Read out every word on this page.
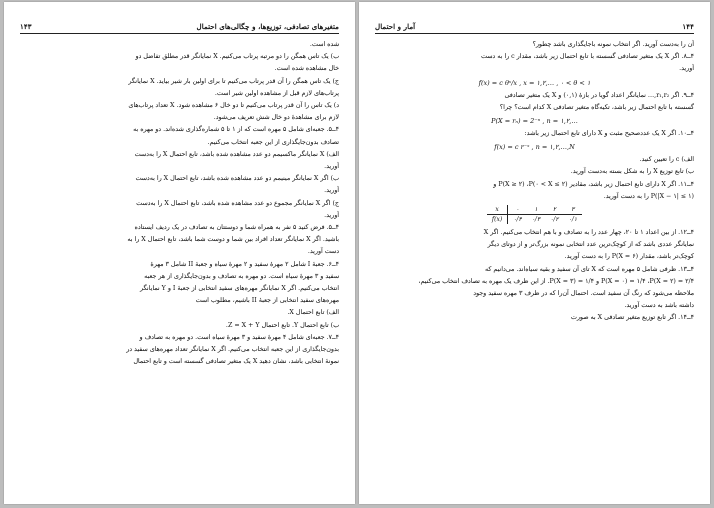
متغیرهای تصادفی، توزیع‌ها، و چگالی‌های احتمال
۱۴۳
شده است.
ب) یک تاس همگن را دو مرتبه پرتاب می‌کنیم. X نمایانگر قدر مطلق تفاضل دو
خال مشاهده شده است.
ج) یک تاس همگن را آن قدر پرتاب می‌کنیم تا برای اولین بار شیر بیاید. X نمایانگر
پرتاب‌های لازم قبل از مشاهده اولین شیر است.
د) یک تاس را آن قدر پرتاب می‌کنیم تا دو خال ۶ مشاهده شود. X تعداد پرتاب‌های
لازم برای مشاهدهٔ دو خال شش تعریف می‌شود.
۴ــ۵. جعبه‌ای شامل ۵ مهره است که از ۱ تا ۵ شماره‌گذاری شده‌اند. دو مهره به
تصادف بدون‌جایگذاری از این جعبه انتخاب می‌کنیم.
الف) X نمایانگر ماکسیمم دو عدد مشاهده شده باشد، تابع احتمال X را به‌دست
آورید.
ب) اگر X نمایانگر مینیمم دو عدد مشاهده شده باشد، تابع احتمال X را به‌دست
آورید.
ج) اگر X نمایانگر مجموع دو عدد مشاهده شده باشد، تابع احتمال X را به‌دست
آورید.
۴ــ۵. فرض کنید ۵ نفر به همراه شما و دوستتان به تصادف در یک ردیف ایستاده
باشید. اگر X نمایانگر تعداد افراد بین شما و دوست شما باشد، تابع احتمال X را به
دست آورید.
۴ــ۶. جعبهٔ I شامل ۲ مهرهٔ سفید و ۲ مهرهٔ سیاه و جعبهٔ II شامل ۳ مهرهٔ
سفید و ۳ مهرهٔ سیاه است. دو مهره به تصادف و بدون‌جایگذاری از هر جعبه
انتخاب می‌کنیم. اگر X نمایانگر مهره‌های سفید انتخابی از جعبهٔ I و Y نمایانگر
مهره‌های سفید انتخابی از جعبهٔ II باشیم، مطلوب است
الف) تابع احتمال X.
ب) تابع احتمال Y. تابع احتمال Z = X + Y.
۴ــ۷. جعبه‌ای شامل ۴ مهرهٔ سفید و ۳ مهرهٔ سیاه است. دو مهره به تصادف و
بدون‌جایگذاری از این جعبه انتخاب می‌کنیم. اگر X نمایانگر تعداد مهره‌های سفید در
نمونهٔ انتخابی باشد، نشان دهید X یک متغیر تصادفی گسسته است و تابع احتمال
۱۴۴
آمار و احتمال
آن را به‌دست آورید. اگر انتخاب نمونه باجایگذاری باشد چطور؟
۴ــ۸. اگر X یک متغیر تصادفی گسسته با تابع احتمال زیر باشد، مقدار c را به دست
آورید.
f(x) = c θˣ/x , x = ۱,۲,… , ۰ < θ < ۱
۴ــ۹. اگر r₁,r₂,… نمایانگر اعداد گویا در بازهٔ (۰,۱) و X یک متغیر تصادفی
گسسته با تابع احتمال زیر باشد، تکیه‌گاه متغیر تصادفی X کدام است؟ چرا؟
P(X = rₙ) = 2⁻ⁿ , n = ۱,۲,…
۴ــ۱۰. اگر X یک عددصحیح مثبت و X دارای تابع احتمال زیر باشد:
f(x) = c r⁻ˣ , n = ۱,۲,…,N
الف) c را تعیین کنید.
ب) تابع توزیع X را به شکل بسته به‌دست آورید.
۴ــ۱۱. اگر X دارای تابع احتمال زیر باشد، مقادیر P(X ≥ ۲) ،P(۰ < X ≤ ۲) و
P(|X − ۱| ≤ ۱) را به دست آورید.
x	۰	۱	۲	۳
f(x)	۰/۴	۰/۳	۰/۲	۰/۱
۴ــ۱۲. از بین اعداد ۱ تا ۲۰، چهار عدد را به تصادف و با هم انتخاب می‌کنیم. اگر X
نمایانگر عددی باشد که از کوچک‌ترین عدد انتخابی نمونه بزرگ‌تر و از دوتای دیگر
کوچک‌تر باشد، مقدار P(X = ۶) را به دست آورید.
۴ــ۱۳. ظرفی شامل ۵ مهره است که X تای آن سفید و بقیه سیاه‌اند. می‌دانیم که
P(X = ۰) = ۱/۴ ،P(X = ۲) = ۲/۴ و P(X = ۳) = ۱/۴. از این ظرف یک مهره به تصادف انتخاب می‌کنیم،
ملاحظه می‌شود که رنگ آن سفید است. احتمال آن‌را که در ظرف ۳ مهره سفید وجود
داشته باشد به دست آورید.
۴ــ۱۴. اگر تابع توزیع متغیر تصادفی X به صورت
